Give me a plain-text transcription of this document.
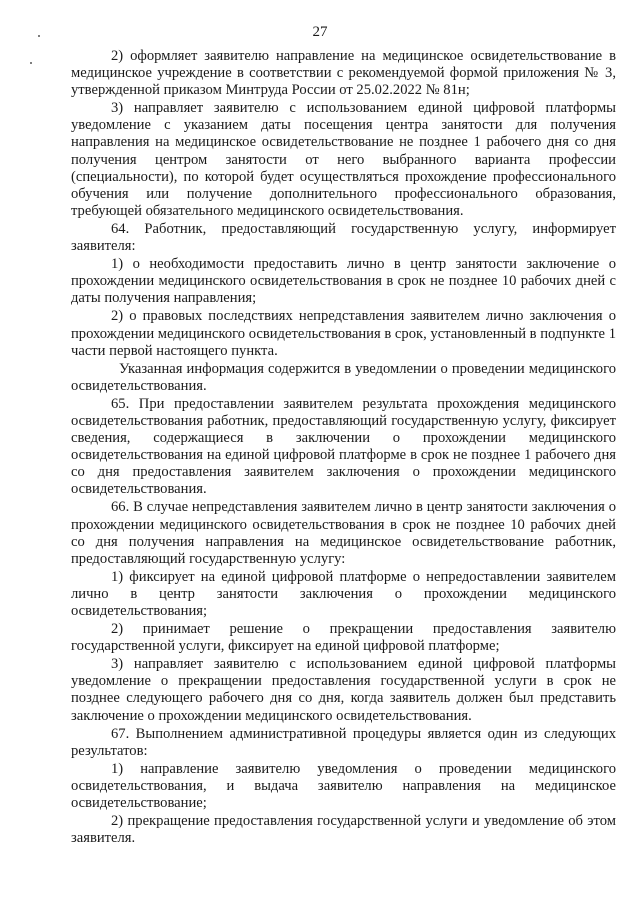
27

2) оформляет заявителю направление на медицинское освидетельствование в медицинское учреждение в соответствии с рекомендуемой формой приложения № 3, утвержденной приказом Минтруда России от 25.02.2022 № 81н;

3) направляет заявителю с использованием единой цифровой платформы уведомление с указанием даты посещения центра занятости для получения направления на медицинское освидетельствование не позднее 1 рабочего дня со дня получения центром занятости от него выбранного варианта профессии (специальности), по которой будет осуществляться прохождение профессионального обучения или получение дополнительного профессионального образования, требующей обязательного медицинского освидетельствования.

64. Работник, предоставляющий государственную услугу, информирует заявителя:

1) о необходимости предоставить лично в центр занятости заключение о прохождении медицинского освидетельствования в срок не позднее 10 рабочих дней с даты получения направления;

2) о правовых последствиях непредставления заявителем лично заключения о прохождении медицинского освидетельствования в срок, установленный в подпункте 1 части первой настоящего пункта.

Указанная информация содержится в уведомлении о проведении медицинского освидетельствования.

65. При предоставлении заявителем результата прохождения медицинского освидетельствования работник, предоставляющий государственную услугу, фиксирует сведения, содержащиеся в заключении о прохождении медицинского освидетельствования на единой цифровой платформе в срок не позднее 1 рабочего дня со дня предоставления заявителем заключения о прохождении медицинского освидетельствования.

66. В случае непредставления заявителем лично в центр занятости заключения о прохождении медицинского освидетельствования в срок не позднее 10 рабочих дней со дня получения направления на медицинское освидетельствование работник, предоставляющий государственную услугу:

1) фиксирует на единой цифровой платформе о непредоставлении заявителем лично в центр занятости заключения о прохождении медицинского освидетельствования;

2) принимает решение о прекращении предоставления заявителю государственной услуги, фиксирует на единой цифровой платформе;

3) направляет заявителю с использованием единой цифровой платформы уведомление о прекращении предоставления государственной услуги в срок не позднее следующего рабочего дня со дня, когда заявитель должен был представить заключение о прохождении медицинского освидетельствования.

67. Выполнением административной процедуры является один из следующих результатов:

1) направление заявителю уведомления о проведении медицинского освидетельствования, и выдача заявителю направления на медицинское освидетельствование;

2) прекращение предоставления государственной услуги и уведомление об этом заявителя.
